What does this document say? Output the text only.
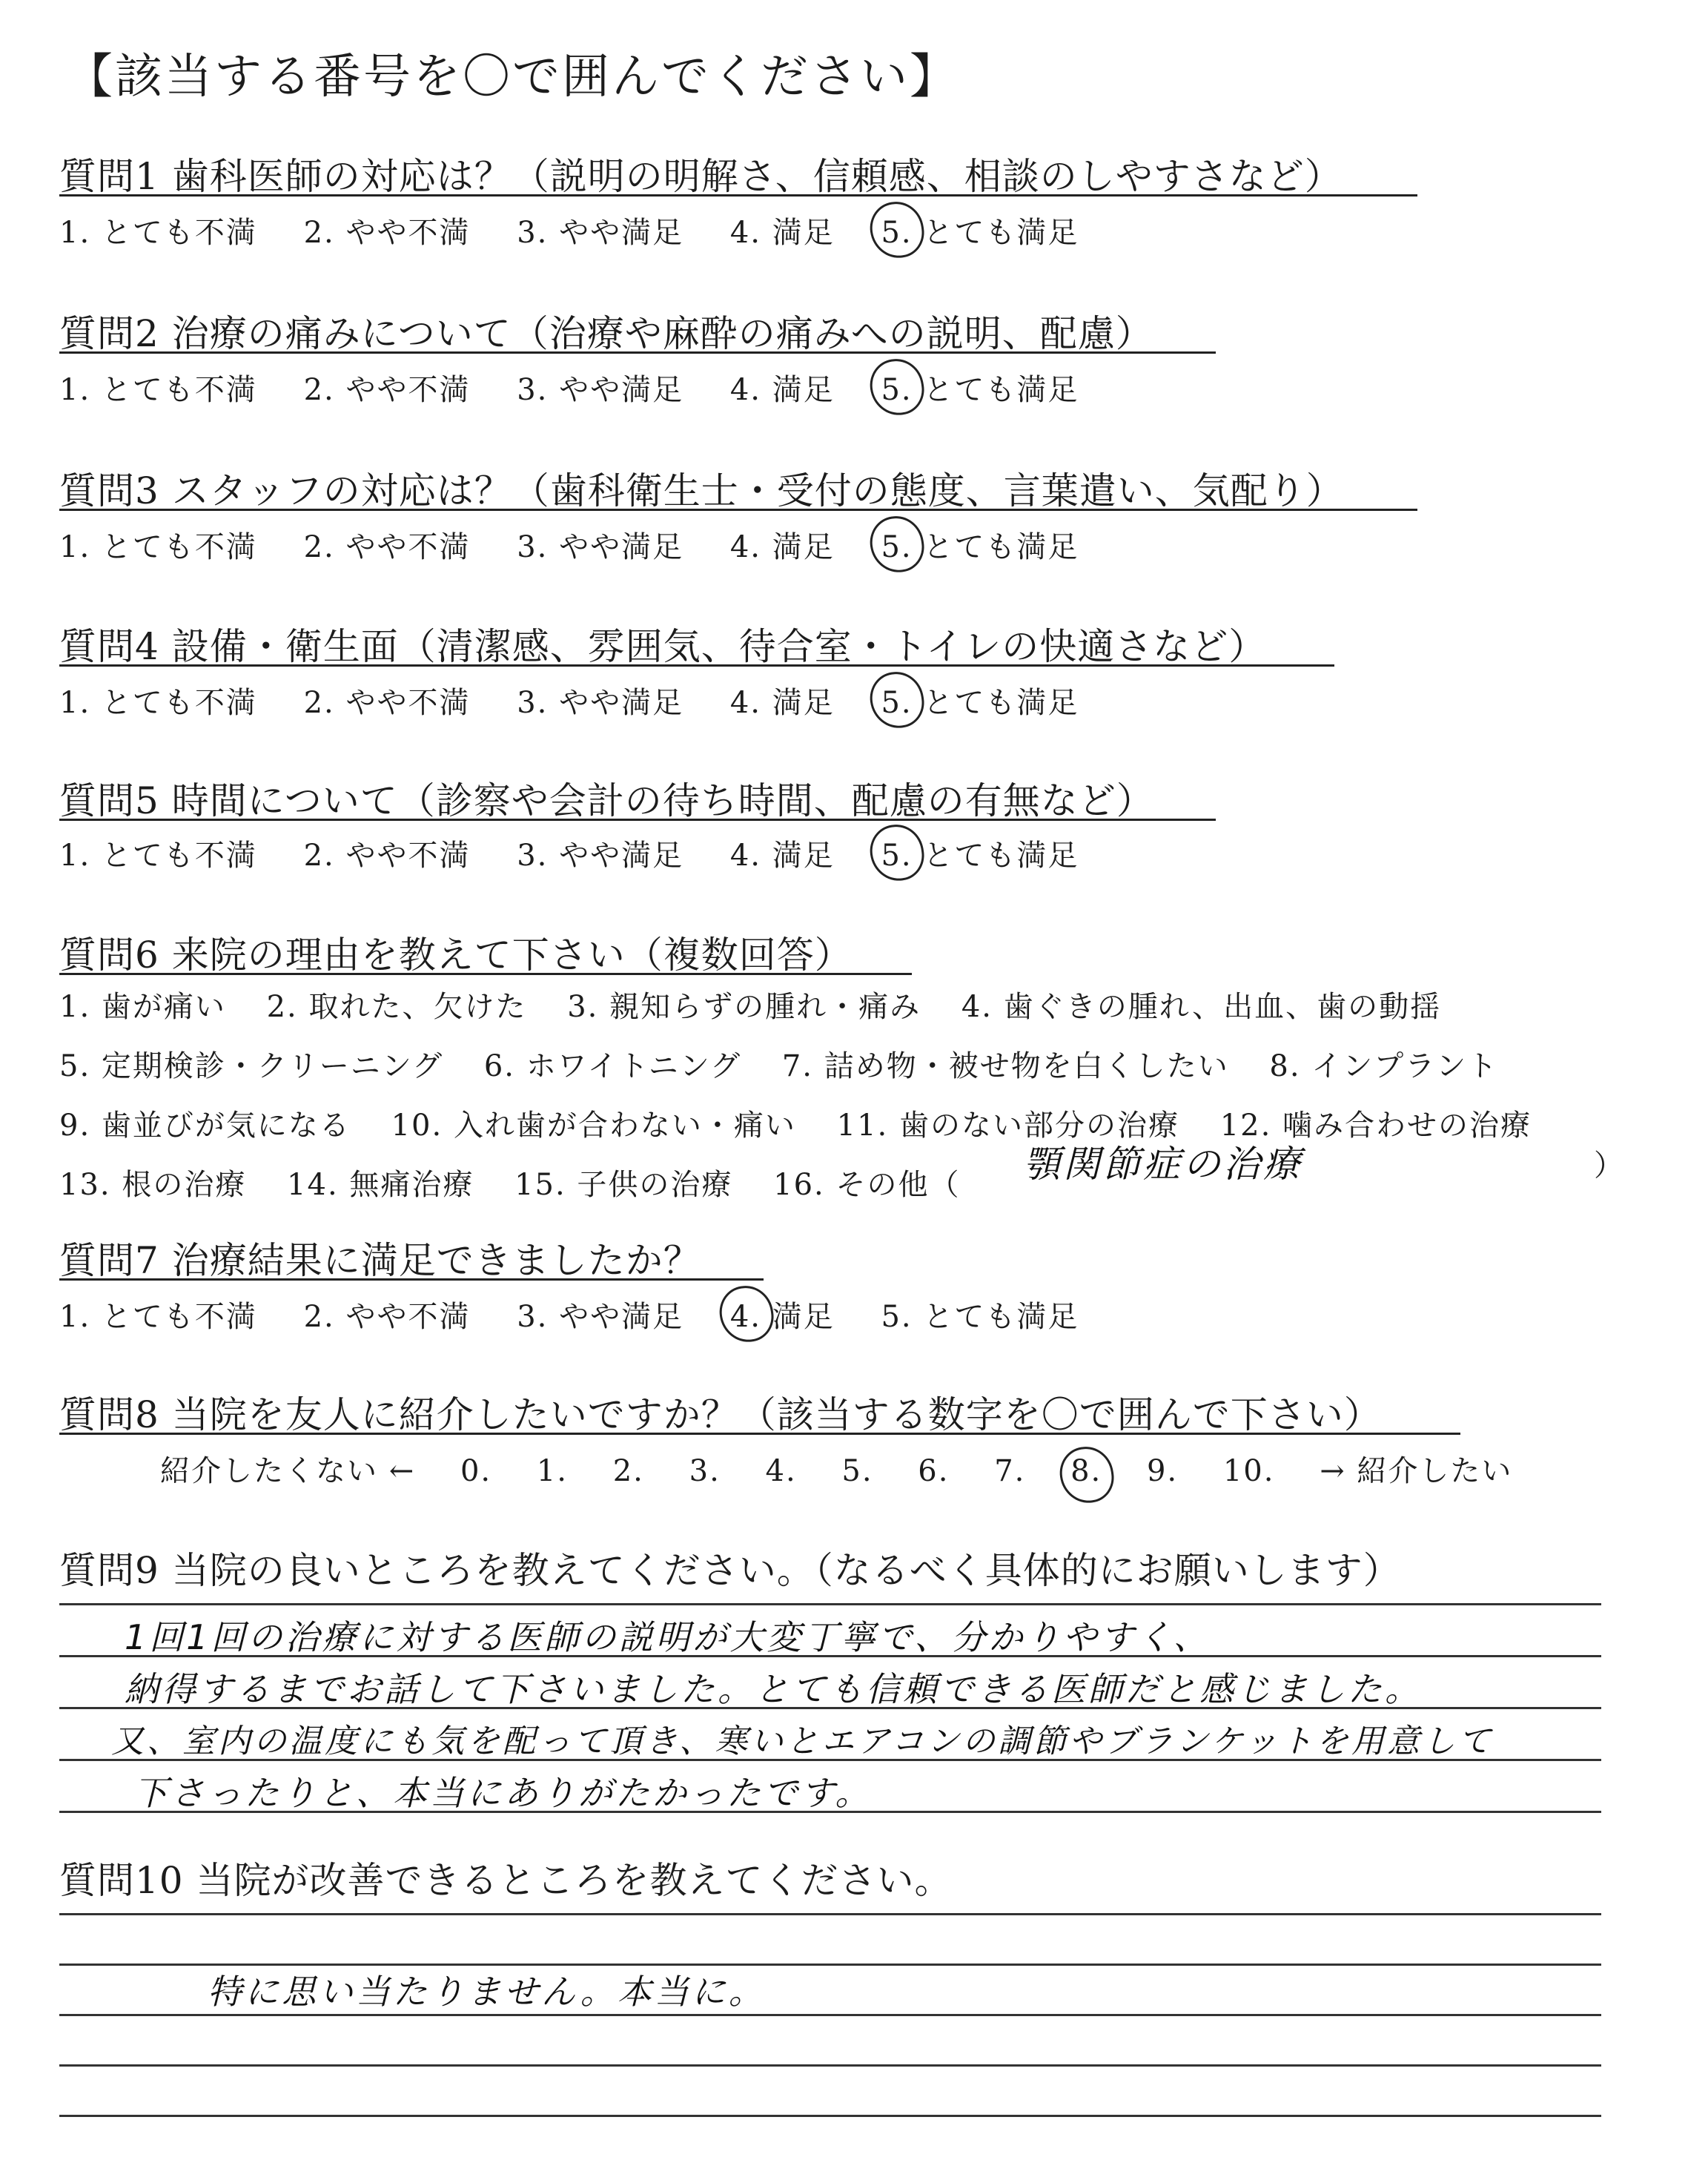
【該当する番号を〇で囲んでください】
質問1 歯科医師の対応は？（説明の明解さ、信頼感、相談のしやすさなど）
1. とても不満 2. やや不満 3. やや満足 4. 満足 5. とても満足
質問2 治療の痛みについて（治療や麻酔の痛みへの説明、配慮）
1. とても不満 2. やや不満 3. やや満足 4. 満足 5. とても満足
質問3 スタッフの対応は？（歯科衛生士・受付の態度、言葉遣い、気配り）
1. とても不満 2. やや不満 3. やや満足 4. 満足 5. とても満足
質問4 設備・衛生面（清潔感、雰囲気、待合室・トイレの快適さなど）
1. とても不満 2. やや不満 3. やや満足 4. 満足 5. とても満足
質問5 時間について（診察や会計の待ち時間、配慮の有無など）
1. とても不満 2. やや不満 3. やや満足 4. 満足 5. とても満足
質問6 来院の理由を教えて下さい（複数回答）
1. 歯が痛い 2. 取れた、欠けた 3. 親知らずの腫れ・痛み 4. 歯ぐきの腫れ、出血、歯の動揺
5. 定期検診・クリーニング 6. ホワイトニング 7. 詰め物・被せ物を白くしたい 8. インプラント
9. 歯並びが気になる 10. 入れ歯が合わない・痛い 11. 歯のない部分の治療 12. 噛み合わせの治療
13. 根の治療 14. 無痛治療 15. 子供の治療 16. その他（	顎関節症の治療	）
質問7 治療結果に満足できましたか？
1. とても不満 2. やや不満 3. やや満足 4. 満足 5. とても満足
質問8 当院を友人に紹介したいですか？（該当する数字を〇で囲んで下さい）
紹介したくない ← 0. 1. 2. 3. 4. 5. 6. 7. 8. 9. 10. → 紹介したい
質問9 当院の良いところを教えてください。（なるべく具体的にお願いします）
1回1回の治療に対する医師の説明が大変丁寧で、分かりやすく、
納得するまでお話して下さいました。とても信頼できる医師だと感じました。
又、室内の温度にも気を配って頂き、寒いとエアコンの調節やブランケットを用意して
下さったりと、本当にありがたかったです。
質問10 当院が改善できるところを教えてください。
特に思い当たりません。本当に。
